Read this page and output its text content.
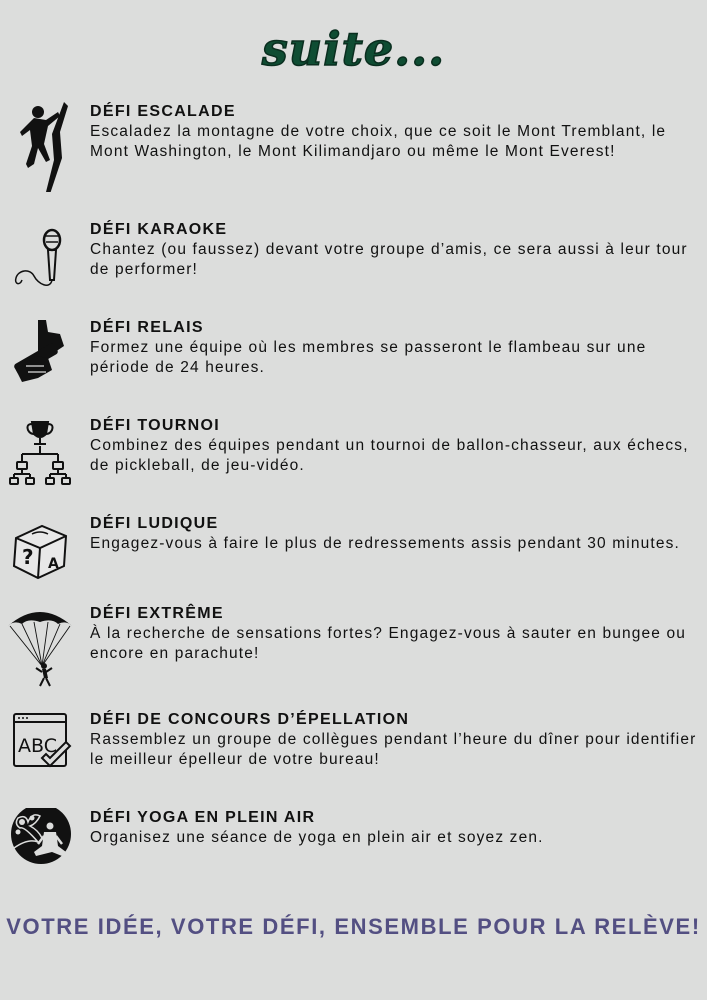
suite...

DÉFI ESCALADE

Escaladez la montagne de votre choix, que ce soit le Mont Tremblant, le Mont Washington, le Mont Kilimandjaro ou même le Mont Everest!

DÉFI KARAOKE

Chantez (ou faussez) devant votre groupe d’amis, ce sera aussi à leur tour de performer!

DÉFI RELAIS

Formez une équipe où les membres se passeront le flambeau sur une période de 24 heures.

DÉFI TOURNOI

Combinez des équipes pendant un tournoi de ballon-chasseur, aux échecs, de pickleball, de jeu-vidéo.

? A

DÉFI LUDIQUE

Engagez-vous à faire le plus de redressements assis pendant 30 minutes.

DÉFI EXTRÊME

À la recherche de sensations fortes? Engagez-vous à sauter en bungee ou encore en parachute!

ABC

DÉFI DE CONCOURS D’ÉPELLATION

Rassemblez un groupe de collègues pendant l’heure du dîner pour identifier le meilleur épelleur de votre bureau!

DÉFI YOGA EN PLEIN AIR

Organisez une séance de yoga en plein air et soyez zen.

VOTRE IDÉE, VOTRE DÉFI, ENSEMBLE POUR LA RELÈVE!
